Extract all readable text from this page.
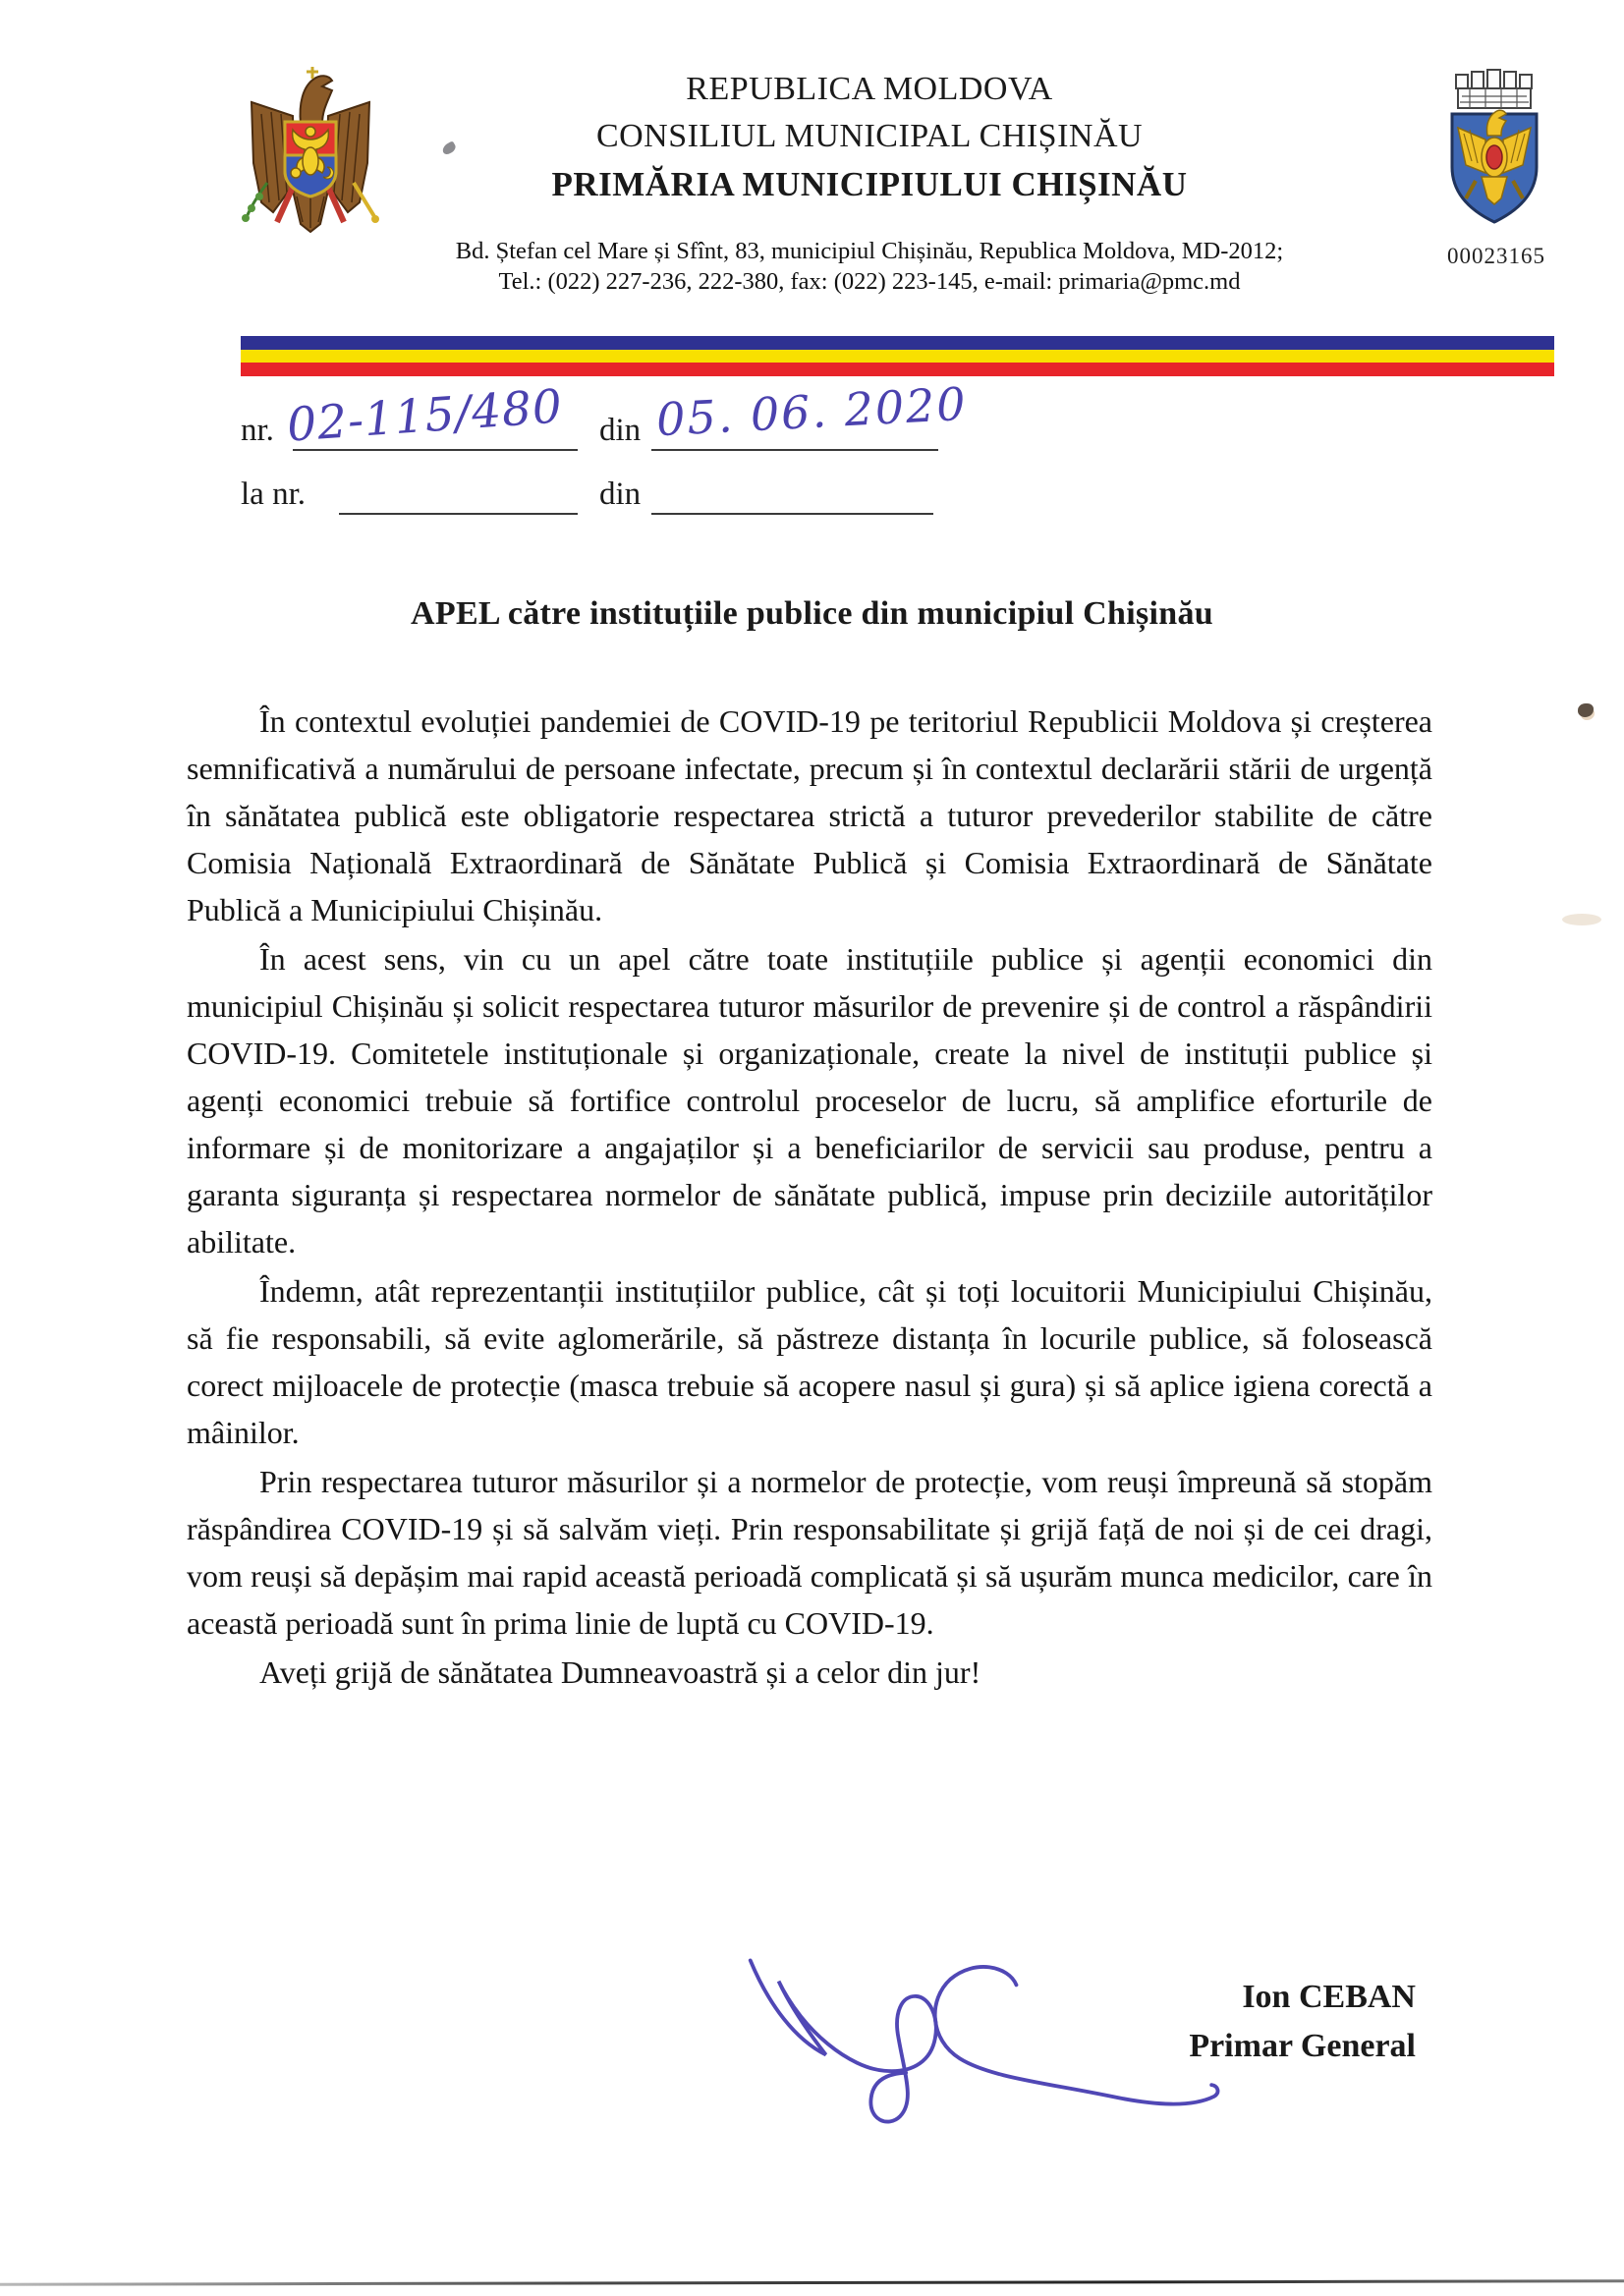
REPUBLICA MOLDOVA
CONSILIUL MUNICIPAL CHIȘINĂU
PRIMĂRIA MUNICIPIULUI CHIȘINĂU
Bd. Ștefan cel Mare și Sfînt, 83, municipiul Chișinău, Republica Moldova, MD-2012;
Tel.: (022) 227-236, 222-380, fax: (022) 223-145, e-mail: primaria@pmc.md
00023165
nr. 02-115/480 din 05. 06. 2020
la nr.	din
APEL către instituțiile publice din municipiul Chișinău

În contextul evoluției pandemiei de COVID-19 pe teritoriul Republicii Moldova și creșterea semnificativă a numărului de persoane infectate, precum și în contextul declarării stării de urgență în sănătatea publică este obligatorie respectarea strictă a tuturor prevederilor stabilite de către Comisia Națională Extraordinară de Sănătate Publică și Comisia Extraordinară de Sănătate Publică a Municipiului Chișinău.

În acest sens, vin cu un apel către toate instituțiile publice și agenții economici din municipiul Chișinău și solicit respectarea tuturor măsurilor de prevenire și de control a răspândirii COVID-19. Comitetele instituționale și organizaționale, create la nivel de instituții publice și agenți economici trebuie să fortifice controlul proceselor de lucru, să amplifice eforturile de informare și de monitorizare a angajaților și a beneficiarilor de servicii sau produse, pentru a garanta siguranța și respectarea normelor de sănătate publică, impuse prin deciziile autorităților abilitate.

Îndemn, atât reprezentanții instituțiilor publice, cât și toți locuitorii Municipiului Chișinău, să fie responsabili, să evite aglomerările, să păstreze distanța în locurile publice, să folosească corect mijloacele de protecție (masca trebuie să acopere nasul și gura) și să aplice igiena corectă a mâinilor.

Prin respectarea tuturor măsurilor și a normelor de protecție, vom reuși împreună să stopăm răspândirea COVID-19 și să salvăm vieți. Prin responsabilitate și grijă față de noi și de cei dragi, vom reuși să depășim mai rapid această perioadă complicată și să ușurăm munca medicilor, care în această perioadă sunt în prima linie de luptă cu COVID-19.

Aveți grijă de sănătatea Dumneavoastră și a celor din jur!

Ion CEBAN
Primar General
